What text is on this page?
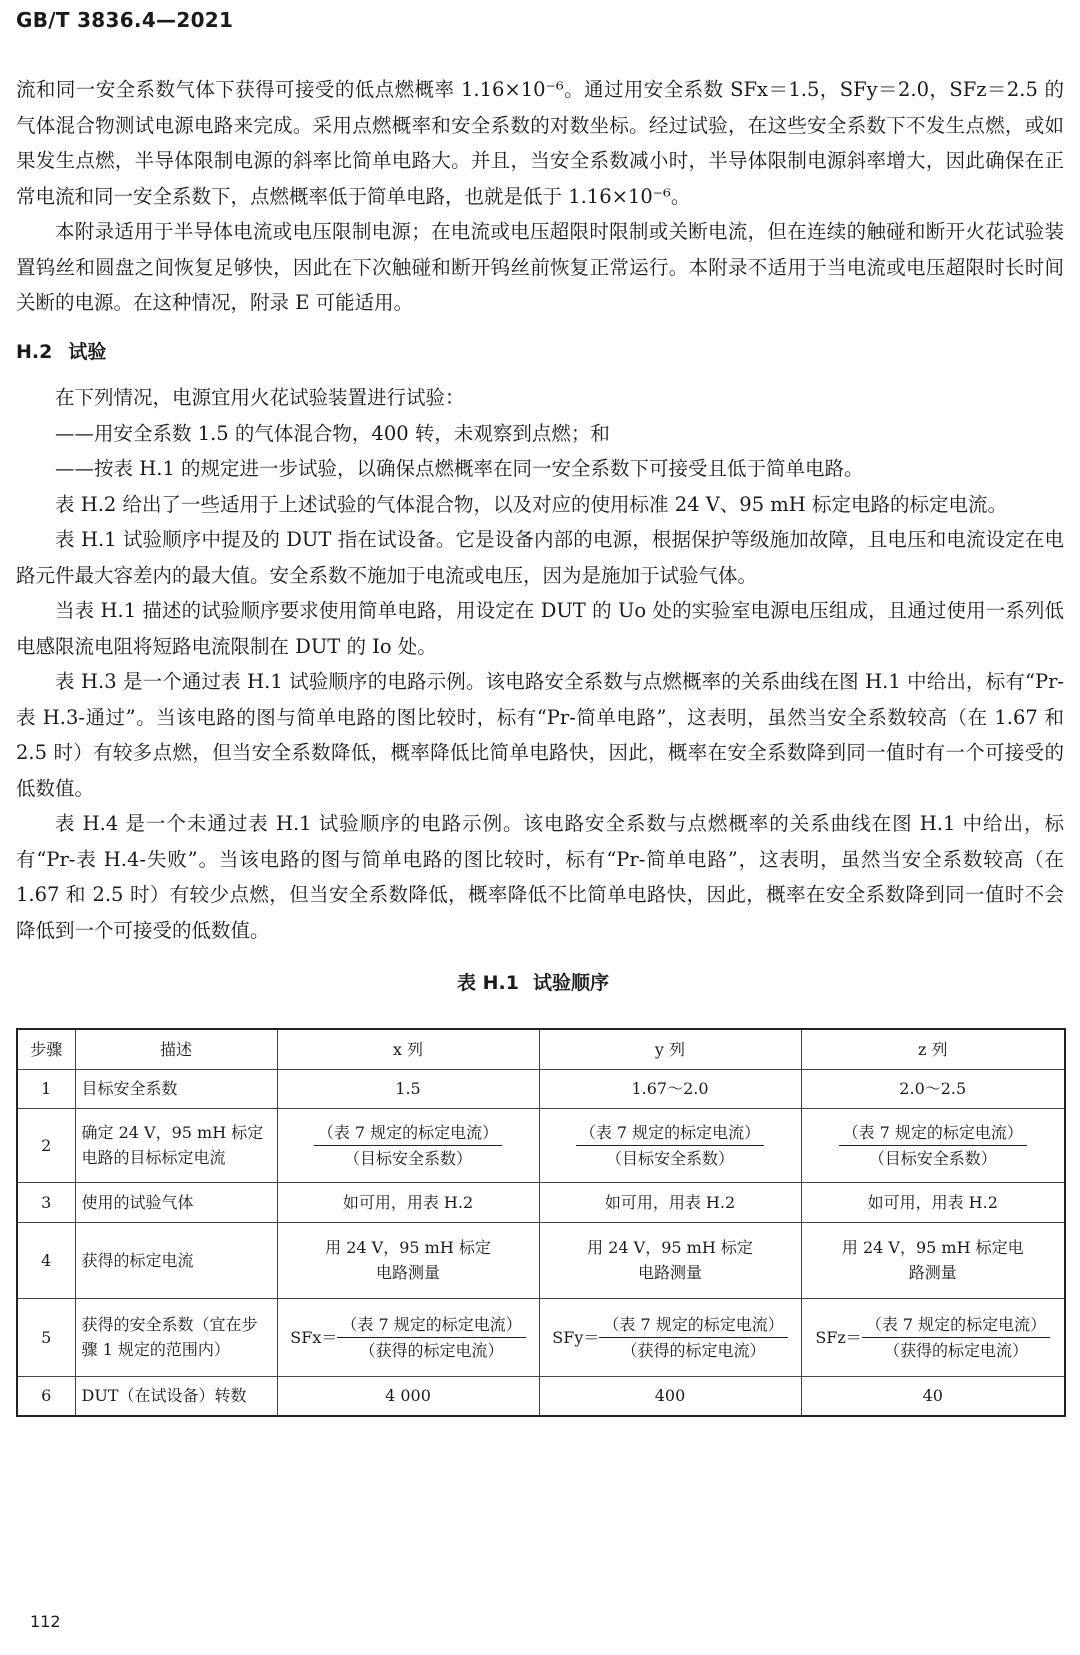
GB/T 3836.4—2021

流和同一安全系数气体下获得可接受的低点燃概率 1.16×10⁻⁶。通过用安全系数 SFx＝1.5，SFy＝2.0，SFz＝2.5 的气体混合物测试电源电路来完成。采用点燃概率和安全系数的对数坐标。经过试验，在这些安全系数下不发生点燃，或如果发生点燃，半导体限制电源的斜率比简单电路大。并且，当安全系数减小时，半导体限制电源斜率增大，因此确保在正常电流和同一安全系数下，点燃概率低于简单电路，也就是低于 1.16×10⁻⁶。

本附录适用于半导体电流或电压限制电源；在电流或电压超限时限制或关断电流，但在连续的触碰和断开火花试验装置钨丝和圆盘之间恢复足够快，因此在下次触碰和断开钨丝前恢复正常运行。本附录不适用于当电流或电压超限时长时间关断的电源。在这种情况，附录 E 可能适用。

H.2 试验

在下列情况，电源宜用火花试验装置进行试验：

——用安全系数 1.5 的气体混合物，400 转，未观察到点燃；和

——按表 H.1 的规定进一步试验，以确保点燃概率在同一安全系数下可接受且低于简单电路。

表 H.2 给出了一些适用于上述试验的气体混合物，以及对应的使用标准 24 V、95 mH 标定电路的标定电流。

表 H.1 试验顺序中提及的 DUT 指在试设备。它是设备内部的电源，根据保护等级施加故障，且电压和电流设定在电路元件最大容差内的最大值。安全系数不施加于电流或电压，因为是施加于试验气体。

当表 H.1 描述的试验顺序要求使用简单电路，用设定在 DUT 的 Uo 处的实验室电源电压组成，且通过使用一系列低电感限流电阻将短路电流限制在 DUT 的 Io 处。

表 H.3 是一个通过表 H.1 试验顺序的电路示例。该电路安全系数与点燃概率的关系曲线在图 H.1 中给出，标有“Pr-表 H.3-通过”。当该电路的图与简单电路的图比较时，标有“Pr-简单电路”，这表明，虽然当安全系数较高（在 1.67 和 2.5 时）有较多点燃，但当安全系数降低，概率降低比简单电路快，因此，概率在安全系数降到同一值时有一个可接受的低数值。

表 H.4 是一个未通过表 H.1 试验顺序的电路示例。该电路安全系数与点燃概率的关系曲线在图 H.1 中给出，标有“Pr-表 H.4-失败”。当该电路的图与简单电路的图比较时，标有“Pr-简单电路”，这表明，虽然当安全系数较高（在 1.67 和 2.5 时）有较少点燃，但当安全系数降低，概率降低不比简单电路快，因此，概率在安全系数降到同一值时不会降低到一个可接受的低数值。

表 H.1 试验顺序
步骤	描述	x 列	y 列	z 列
1	目标安全系数	1.5	1.67～2.0	2.0～2.5
2	确定 24 V，95 mH 标定电路的目标标定电流	$\frac{\text{（表 7 规定的标定电流）}}{\text{（目标安全系数）}}$	$\frac{\text{（表 7 规定的标定电流）}}{\text{（目标安全系数）}}$	$\frac{\text{（表 7 规定的标定电流）}}{\text{（目标安全系数）}}$

3	使用的试验气体	如可用，用表 H.2	如可用，用表 H.2	如可用，用表 H.2
4	获得的标定电流	用 24 V，95 mH 标定电路测量	用 24 V，95 mH 标定电路测量	用 24 V，95 mH 标定电路测量
5	获得的安全系数（宜在步骤 1 规定的范围内）	$SFx= \frac{\text{（表 7 规定的标定电流）}}{\text{（获得的标定电流）}}$	$SFy= \frac{\text{（表 7 规定的标定电流）}}{\text{（获得的标定电流）}}$	$SFz= \frac{\text{（表 7 规定的标定电流）}}{\text{（获得的标定电流）}}$

6	DUT（在试设备）转数	4 000	400	40
112
